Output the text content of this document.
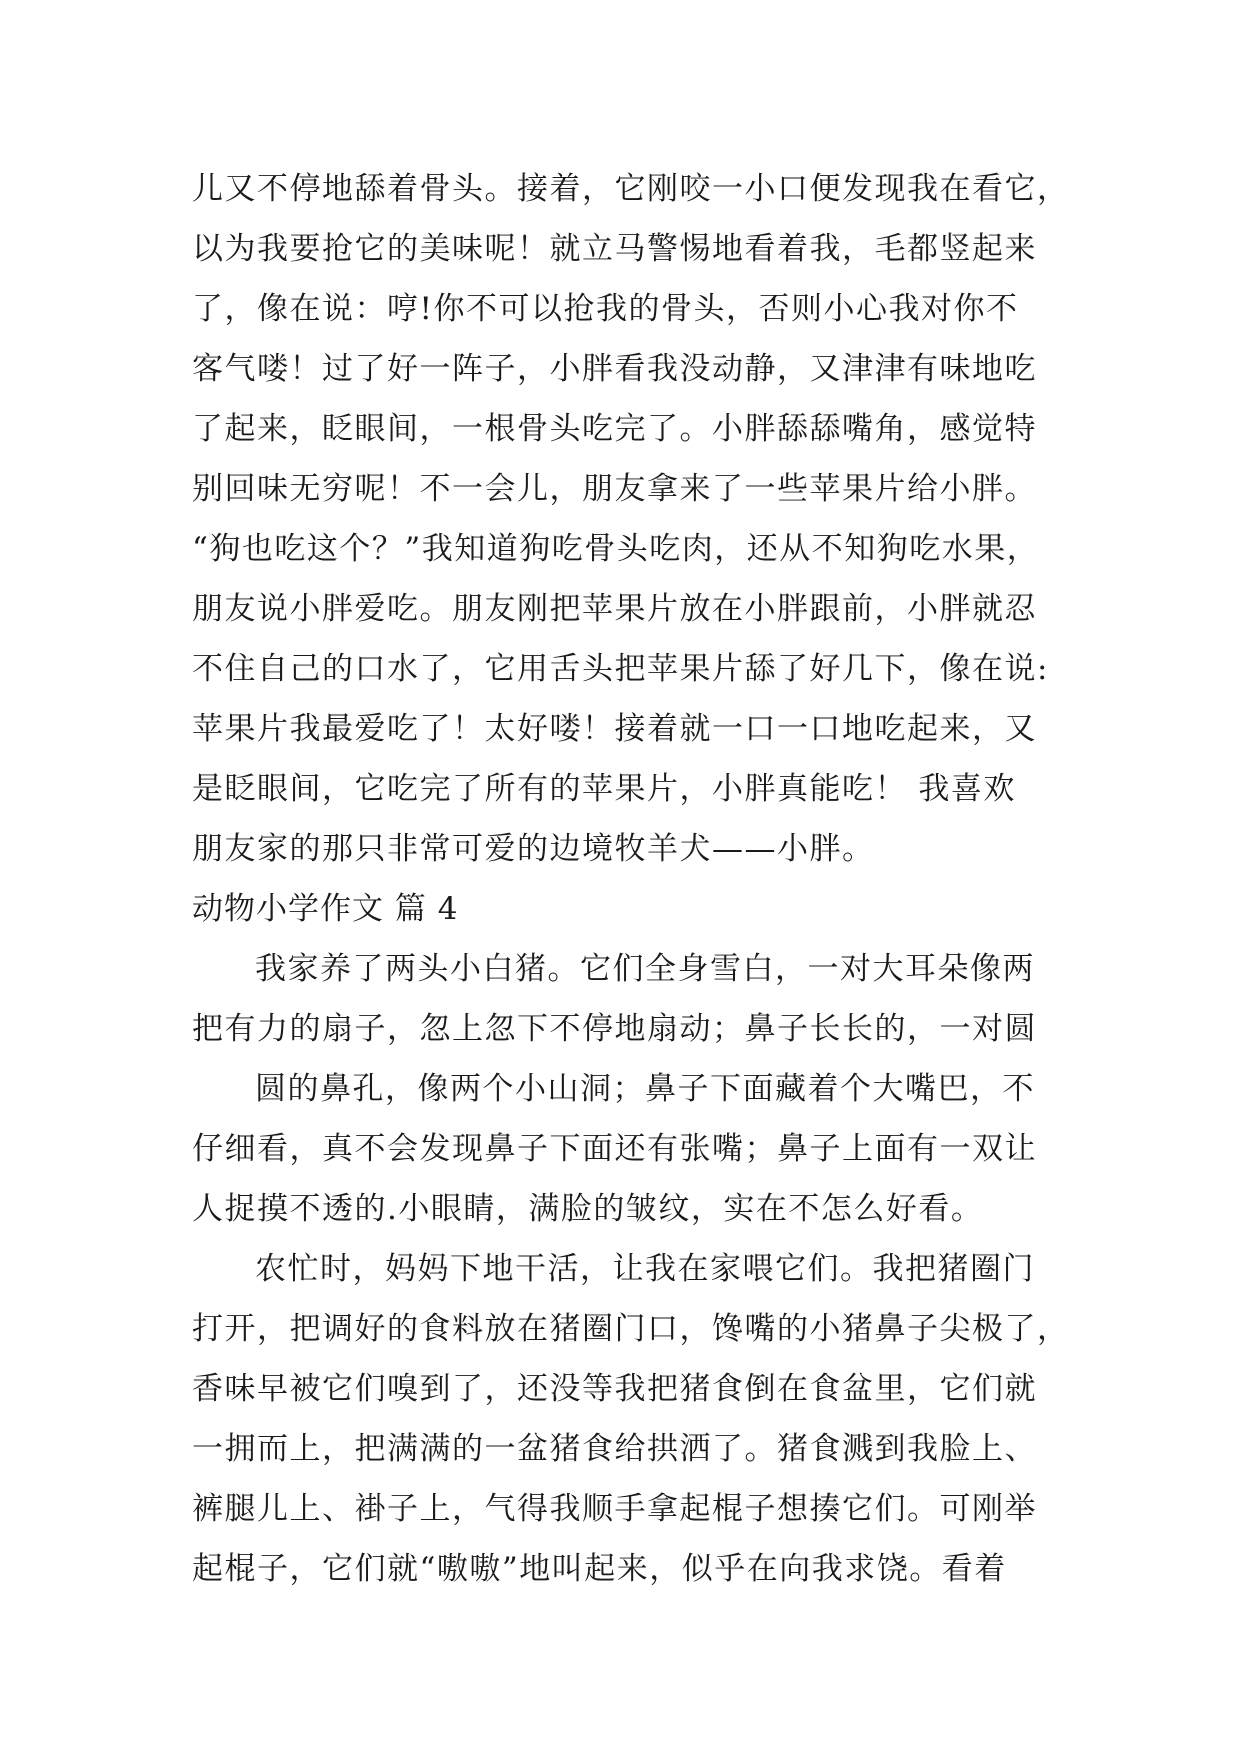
儿又不停地舔着骨头。接着，它刚咬一小口便发现我在看它，
以为我要抢它的美味呢！就立马警惕地看着我，毛都竖起来
了，像在说：哼!你不可以抢我的骨头，否则小心我对你不
客气喽！过了好一阵子，小胖看我没动静，又津津有味地吃
了起来，眨眼间，一根骨头吃完了。小胖舔舔嘴角，感觉特
别回味无穷呢！不一会儿，朋友拿来了一些苹果片给小胖。
“狗也吃这个？”我知道狗吃骨头吃肉，还从不知狗吃水果，
朋友说小胖爱吃。朋友刚把苹果片放在小胖跟前，小胖就忍
不住自己的口水了，它用舌头把苹果片舔了好几下，像在说:
苹果片我最爱吃了！太好喽！接着就一口一口地吃起来，又
是眨眼间，它吃完了所有的苹果片，小胖真能吃！ 我喜欢
朋友家的那只非常可爱的边境牧羊犬——小胖。
动物小学作文 篇 4
我家养了两头小白猪。它们全身雪白，一对大耳朵像两
把有力的扇子，忽上忽下不停地扇动；鼻子长长的，一对圆
圆的鼻孔，像两个小山洞；鼻子下面藏着个大嘴巴，不
仔细看，真不会发现鼻子下面还有张嘴；鼻子上面有一双让
人捉摸不透的.小眼睛，满脸的皱纹，实在不怎么好看。
农忙时，妈妈下地干活，让我在家喂它们。我把猪圈门
打开，把调好的食料放在猪圈门口，馋嘴的小猪鼻子尖极了，
香味早被它们嗅到了，还没等我把猪食倒在食盆里，它们就
一拥而上，把满满的一盆猪食给拱洒了。猪食溅到我脸上、
裤腿儿上、褂子上，气得我顺手拿起棍子想揍它们。可刚举
起棍子，它们就“嗷嗷”地叫起来，似乎在向我求饶。看着
